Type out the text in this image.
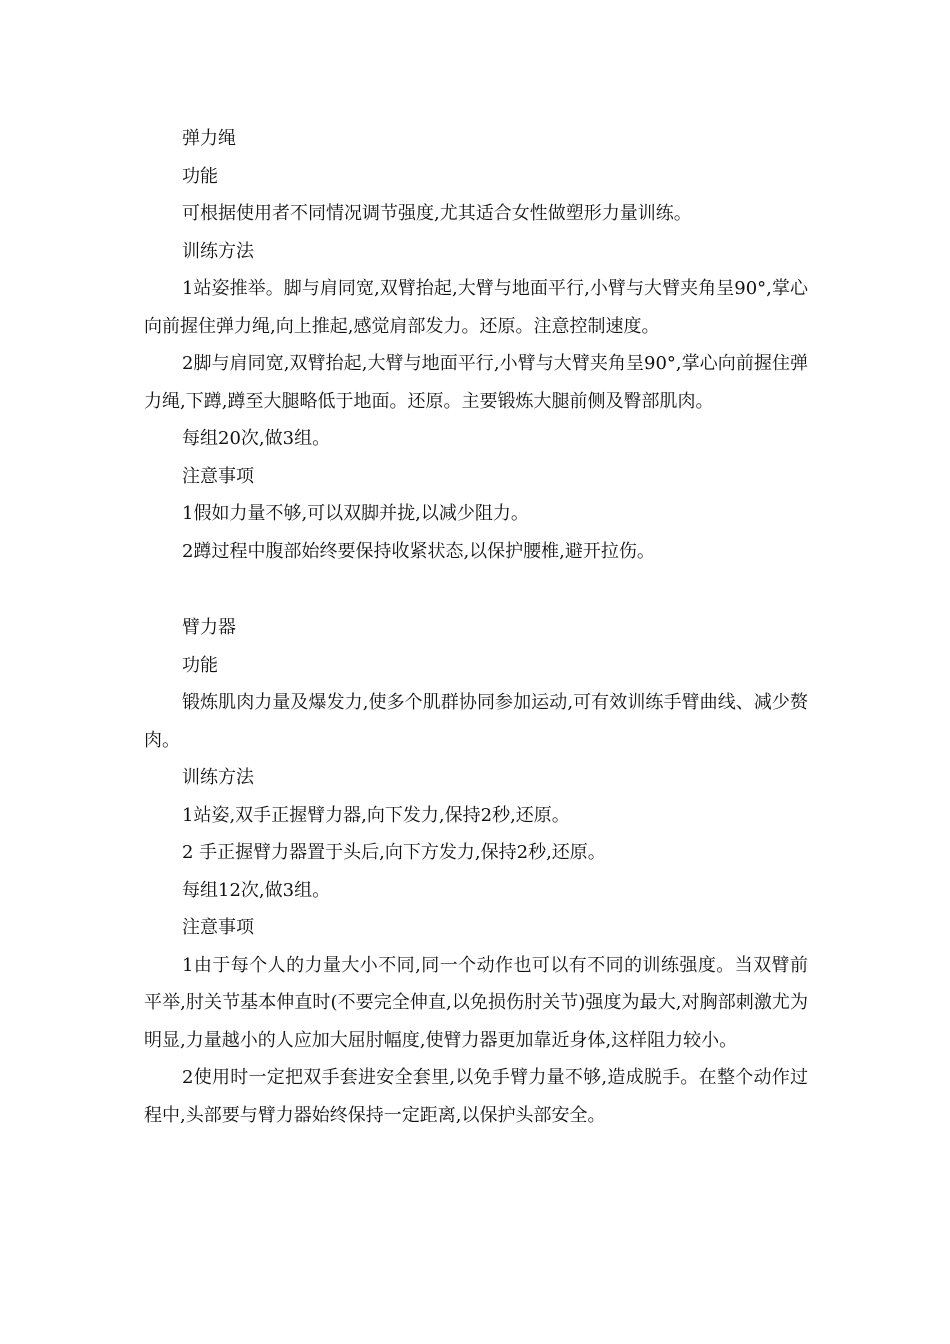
弹力绳

功能

可根据使用者不同情况调节强度,尤其适合女性做塑形力量训练。

训练方法

1站姿推举。脚与肩同宽,双臂抬起,大臂与地面平行,小臂与大臂夹角呈90°,掌心向前握住弹力绳,向上推起,感觉肩部发力。还原。注意控制速度。

2脚与肩同宽,双臂抬起,大臂与地面平行,小臂与大臂夹角呈90°,掌心向前握住弹力绳,下蹲,蹲至大腿略低于地面。还原。主要锻炼大腿前侧及臀部肌肉。

每组20次,做3组。

注意事项

1假如力量不够,可以双脚并拢,以减少阻力。

2蹲过程中腹部始终要保持收紧状态,以保护腰椎,避开拉伤。

臂力器

功能

锻炼肌肉力量及爆发力,使多个肌群协同参加运动,可有效训练手臂曲线、减少赘肉。

训练方法

1站姿,双手正握臂力器,向下发力,保持2秒,还原。

2 手正握臂力器置于头后,向下方发力,保持2秒,还原。

每组12次,做3组。

注意事项

1由于每个人的力量大小不同,同一个动作也可以有不同的训练强度。当双臂前平举,肘关节基本伸直时(不要完全伸直,以免损伤肘关节)强度为最大,对胸部刺激尤为明显,力量越小的人应加大屈肘幅度,使臂力器更加靠近身体,这样阻力较小。

2使用时一定把双手套进安全套里,以免手臂力量不够,造成脱手。在整个动作过程中,头部要与臂力器始终保持一定距离,以保护头部安全。
